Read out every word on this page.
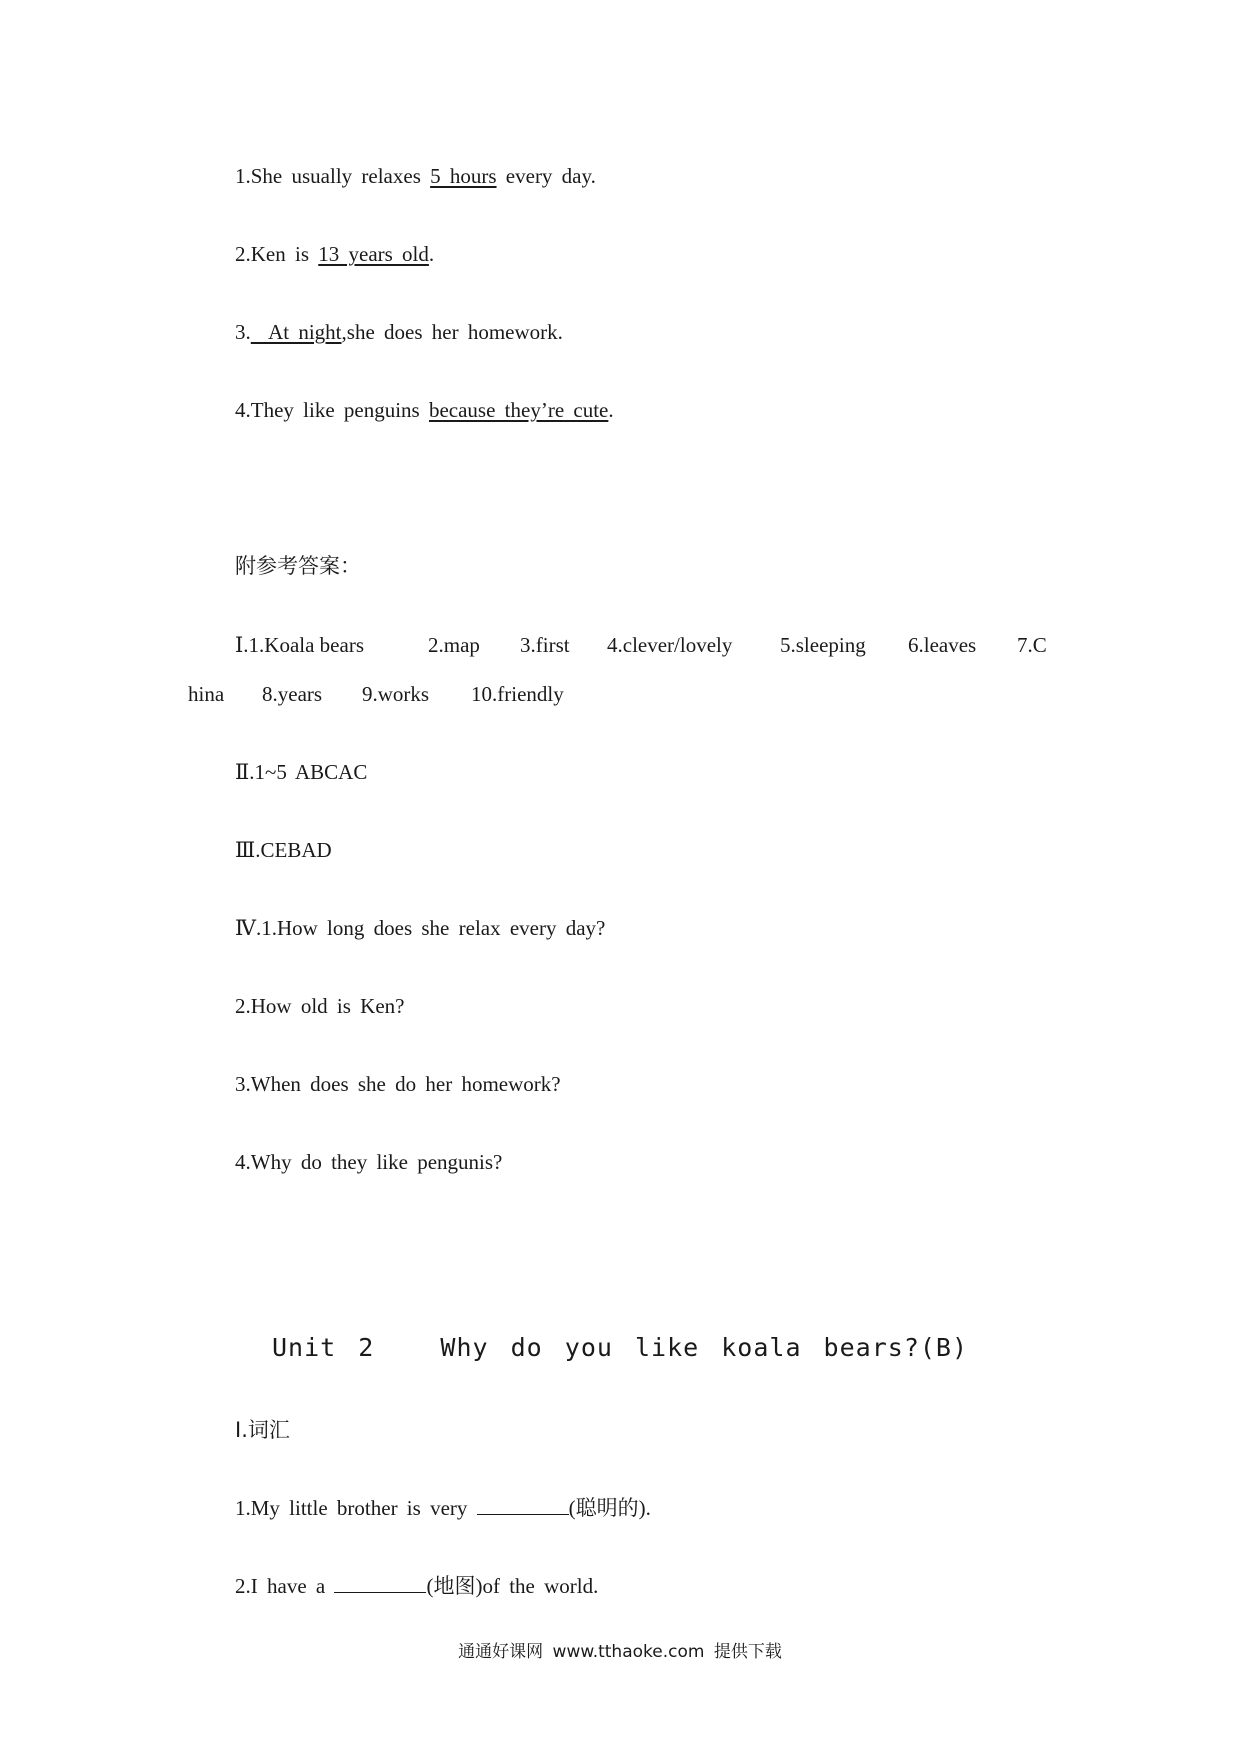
1.She usually relaxes 5 hours every day.
2.Ken is 13 years old.
3.  At night,she does her homework.
4.They like penguins because they’re cute.
附参考答案：
Ⅰ.1.Koala bears	2.map 3.first 4.clever/lovely 5.sleeping 6.leaves 7.C
hina 8.years 9.works 10.friendly
Ⅱ.1~5 ABCAC
Ⅲ.CEBAD
Ⅳ.1.How long does she relax every day?
2.How old is Ken?
3.When does she do her homework?
4.Why do they like pengunis?
Unit 2   Why do you like koala bears?(B)
Ⅰ.词汇
1.My little brother is very	(聪明的).
2.I have a	(地图)of the world.
通通好课网 www.tthaoke.com 提供下载
